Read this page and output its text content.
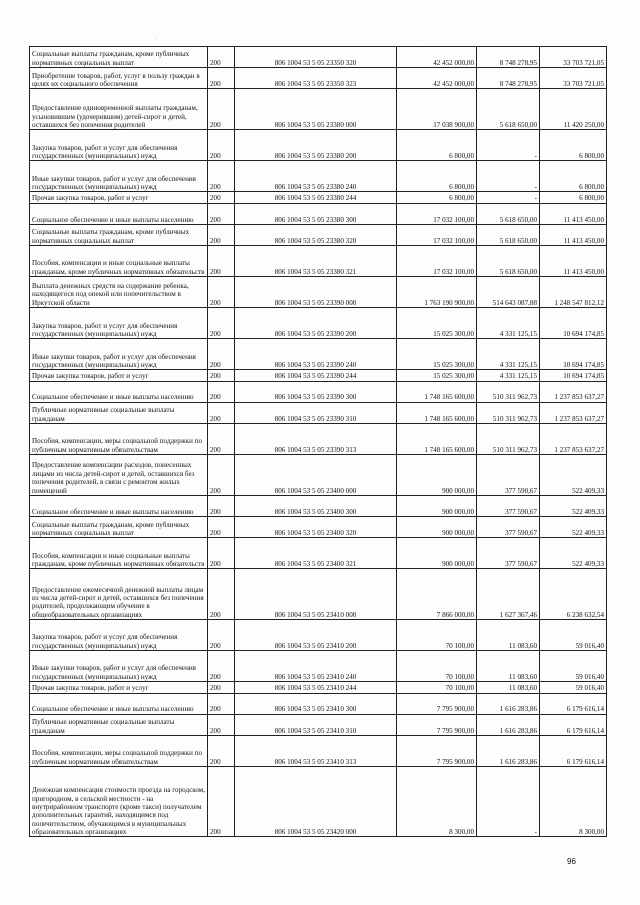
Социальные выплаты гражданам, кроме публичных нормативных социальных выплат	200	806 1004 53 5 05 23350 320	42 452 000,00	8 748 278,95	33 703 721,05
Приобретение товаров, работ, услуг в пользу граждан в целях их социального обеспечения	200	806 1004 53 5 05 23350 323	42 452 000,00	8 748 278,95	33 703 721,05
Предоставление единовременной выплаты гражданам, усыновившим (удочерившим) детей-сирот и детей, оставшихся без попечения родителей	200	806 1004 53 5 05 23380 000	17 038 900,00	5 618 650,00	11 420 250,00
Закупка товаров, работ и услуг для обеспечения государственных (муниципальных) нужд	200	806 1004 53 5 05 23380 200	6 800,00	-	6 800,00
Иные закупки товаров, работ и услуг для обеспечения государственных (муниципальных) нужд	200	806 1004 53 5 05 23380 240	6 800,00	-	6 800,00
Прочая закупка товаров, работ и услуг	200	806 1004 53 5 05 23380 244	6 800,00	-	6 800,00
Социальное обеспечение и иные выплаты населению	200	806 1004 53 5 05 23380 300	17 032 100,00	5 618 650,00	11 413 450,00
Социальные выплаты гражданам, кроме публичных нормативных социальных выплат	200	806 1004 53 5 05 23380 320	17 032 100,00	5 618 650,00	11 413 450,00
Пособия, компенсации и иные социальные выплаты гражданам, кроме публичных нормативных обязательств	200	806 1004 53 5 05 23380 321	17 032 100,00	5 618 650,00	11 413 450,00
Выплата денежных средств на содержание ребенка, находящегося под опекой или попечительством в Иркутской области	200	806 1004 53 5 05 23390 000	1 763 190 900,00	514 643 087,88	1 248 547 812,12
Закупка товаров, работ и услуг для обеспечения государственных (муниципальных) нужд	200	806 1004 53 5 05 23390 200	15 025 300,00	4 331 125,15	10 694 174,85
Иные закупки товаров, работ и услуг для обеспечения государственных (муниципальных) нужд	200	806 1004 53 5 05 23390 240	15 025 300,00	4 331 125,15	10 694 174,85
Прочая закупка товаров, работ и услуг	200	806 1004 53 5 05 23390 244	15 025 300,00	4 331 125,15	10 694 174,85
Социальное обеспечение и иные выплаты населению	200	806 1004 53 5 05 23390 300	1 748 165 600,00	510 311 962,73	1 237 853 637,27
Публичные нормативные социальные выплаты гражданам	200	806 1004 53 5 05 23390 310	1 748 165 600,00	510 311 962,73	1 237 853 637,27
Пособия, компенсации, меры социальной поддержки по публичным нормативным обязательствам	200	806 1004 53 5 05 23390 313	1 748 165 600,00	510 311 962,73	1 237 853 637,27
Предоставление компенсации расходов, понесенных лицами из числа детей-сирот и детей, оставшихся без попечения родителей, в связи с ремонтом жилых помещений	200	806 1004 53 5 05 23400 000	900 000,00	377 590,67	522 409,33
Социальное обеспечение и иные выплаты населению	200	806 1004 53 5 05 23400 300	900 000,00	377 590,67	522 409,33
Социальные выплаты гражданам, кроме публичных нормативных социальных выплат	200	806 1004 53 5 05 23400 320	900 000,00	377 590,67	522 409,33
Пособия, компенсации и иные социальные выплаты гражданам, кроме публичных нормативных обязательств	200	806 1004 53 5 05 23400 321	900 000,00	377 590,67	522 409,33
Предоставление ежемесячной денежной выплаты лицам из числа детей-сирот и детей, оставшихся без попечения родителей, продолжающим обучение в общеобразовательных организациях	200	806 1004 53 5 05 23410 000	7 866 000,00	1 627 367,46	6 238 632,54
Закупка товаров, работ и услуг для обеспечения государственных (муниципальных) нужд	200	806 1004 53 5 05 23410 200	70 100,00	11 083,60	59 016,40
Иные закупки товаров, работ и услуг для обеспечения государственных (муниципальных) нужд	200	806 1004 53 5 05 23410 240	70 100,00	11 083,60	59 016,40
Прочая закупка товаров, работ и услуг	200	806 1004 53 5 05 23410 244	70 100,00	11 083,60	59 016,40
Социальное обеспечение и иные выплаты населению	200	806 1004 53 5 05 23410 300	7 795 900,00	1 616 283,86	6 179 616,14
Публичные нормативные социальные выплаты гражданам	200	806 1004 53 5 05 23410 310	7 795 900,00	1 616 283,86	6 179 616,14
Пособия, компенсации, меры социальной поддержки по публичным нормативным обязательствам	200	806 1004 53 5 05 23410 313	7 795 900,00	1 616 283,86	6 179 616,14
Денежная компенсация стоимости проезда на городском, пригородном, в сельской местности - на внутрирайонном транспорте (кроме такси) получателем дополнительных гарантий, находящимся под попечительством, обучающимся в муниципальных образовательных организациях	200	806 1004 53 5 05 23420 000	8 300,00	-	8 300,00
96
·	·
